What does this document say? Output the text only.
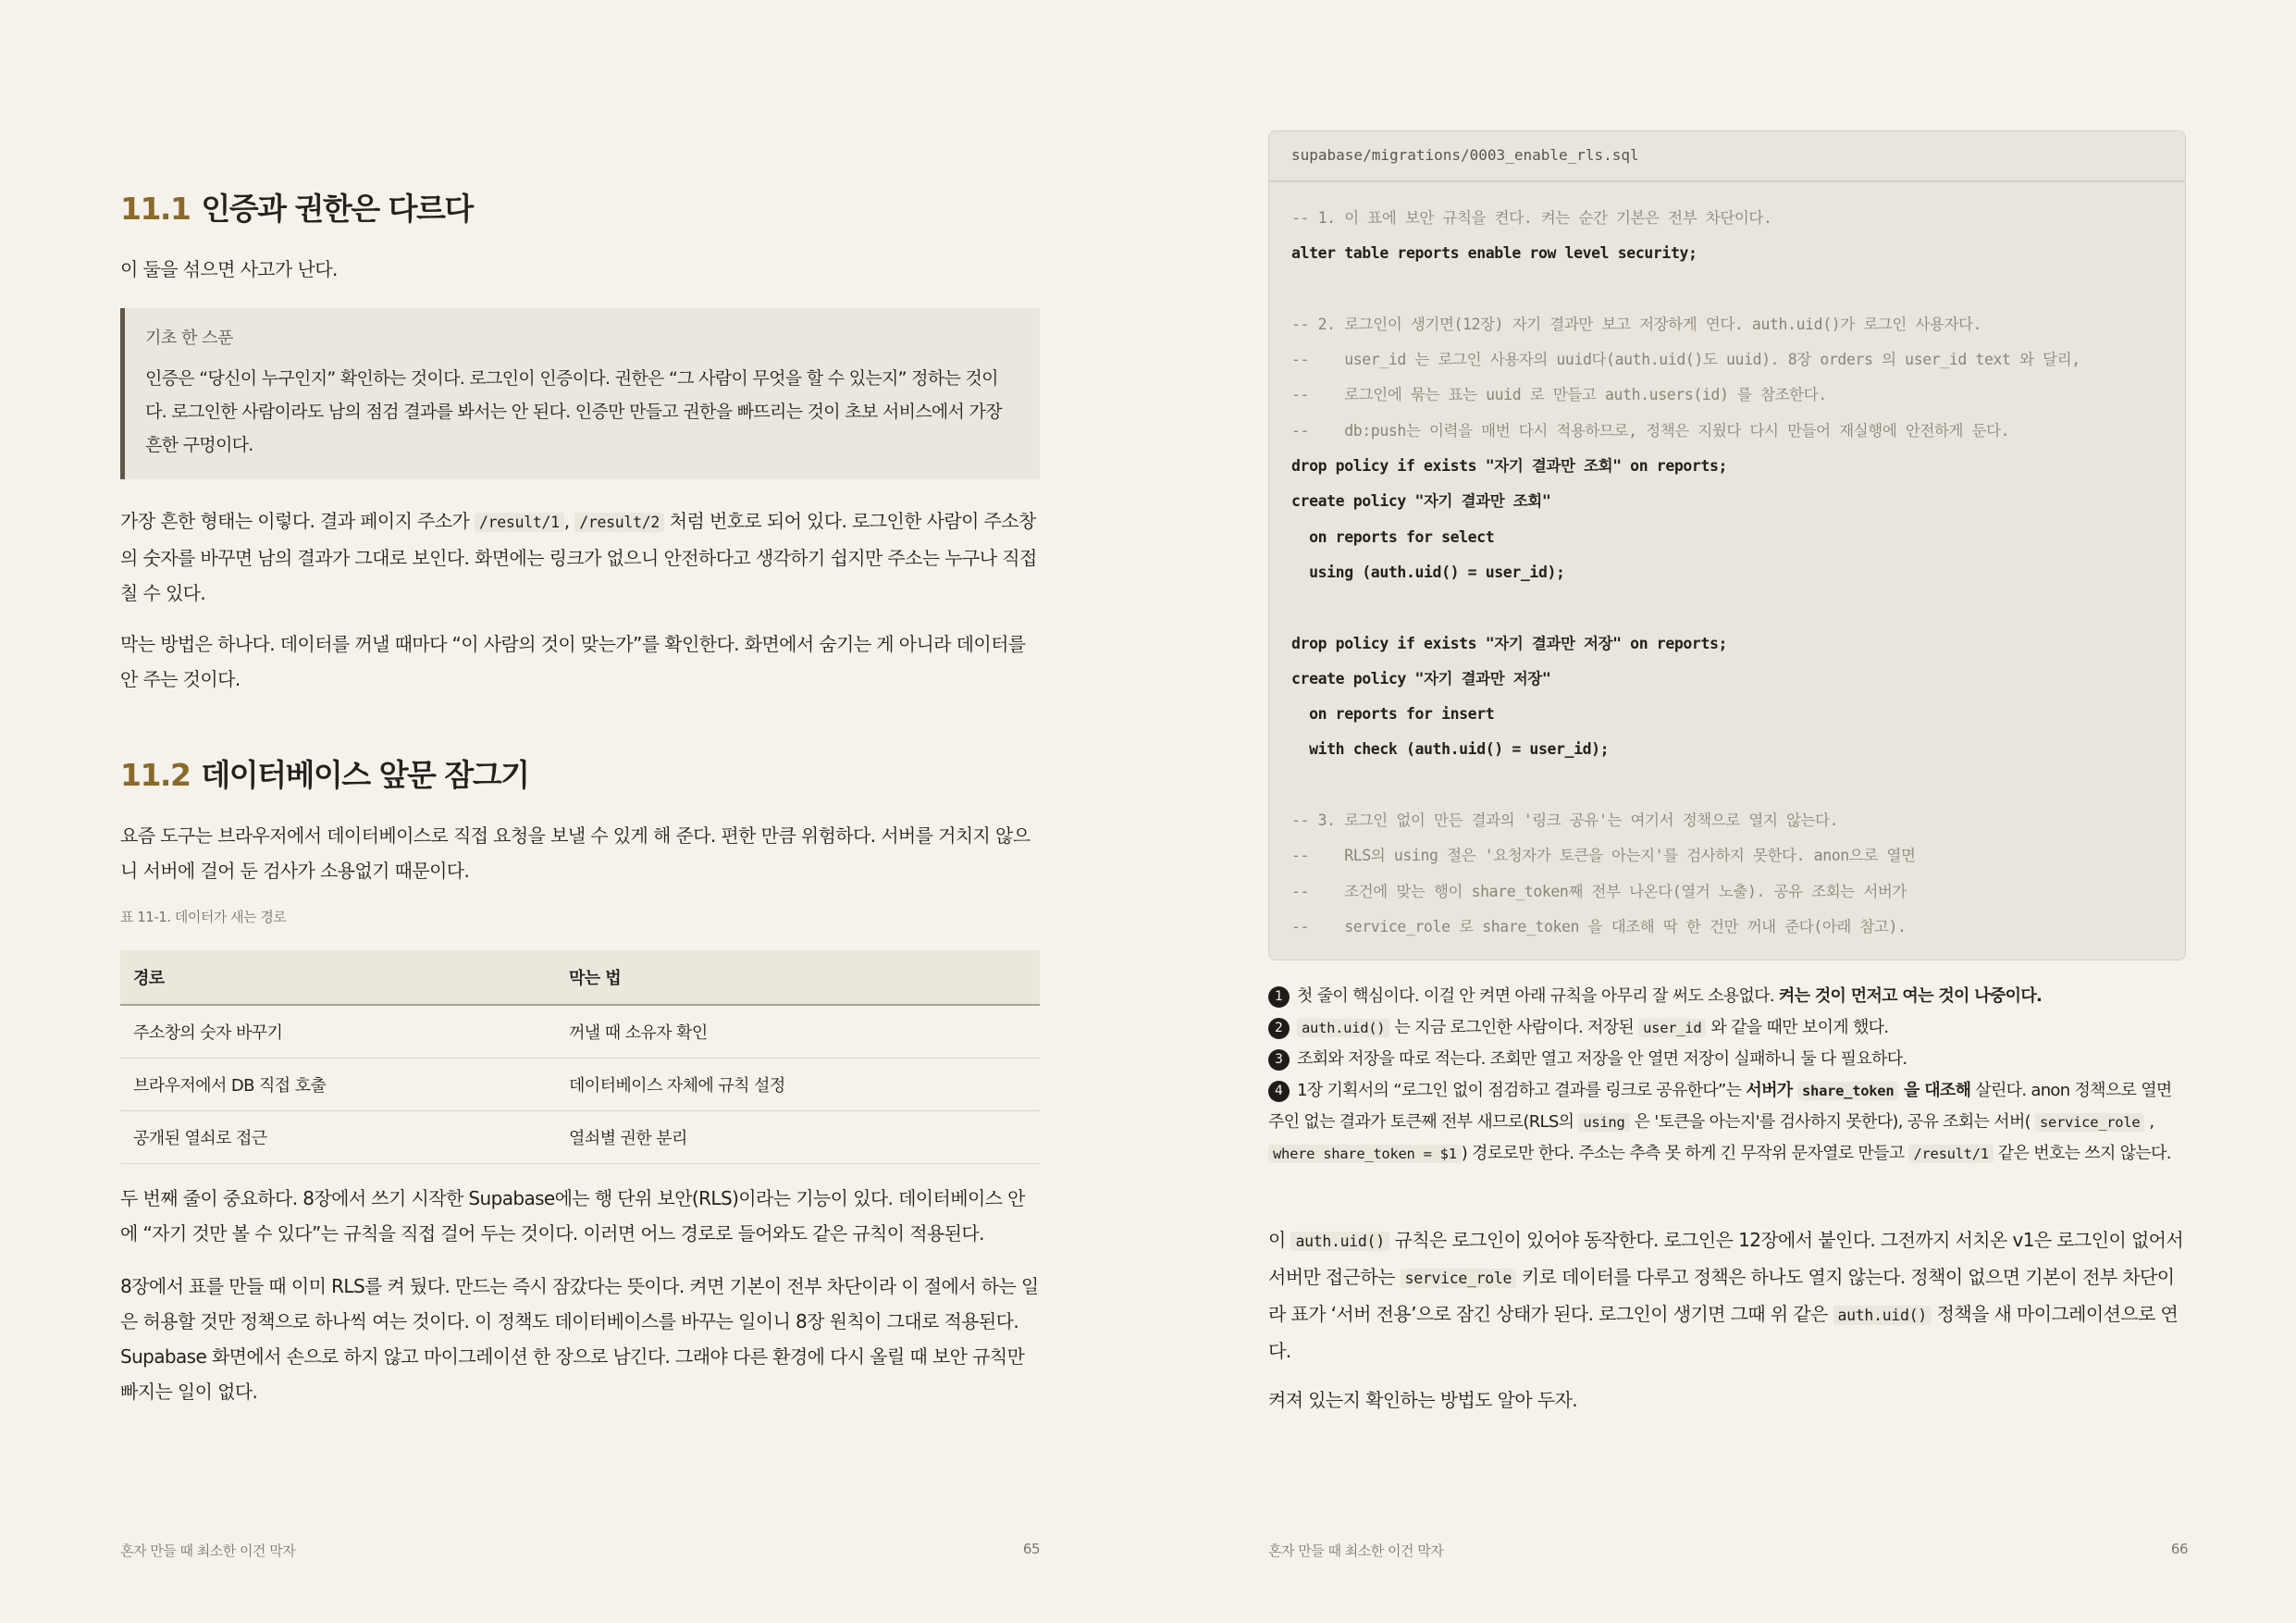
11.1 인증과 권한은 다르다

이 둘을 섞으면 사고가 난다.

기초 한 스푼

인증은 “당신이 누구인지” 확인하는 것이다. 로그인이 인증이다. 권한은 “그 사람이 무엇을 할 수 있는지” 정하는 것이다. 로그인한 사람이라도 남의 점검 결과를 봐서는 안 된다. 인증만 만들고 권한을 빠뜨리는 것이 초보 서비스에서 가장 흔한 구멍이다.

가장 흔한 형태는 이렇다. 결과 페이지 주소가 /result/1 , /result/2 처럼 번호로 되어 있다. 로그인한 사람이 주소창의 숫자를 바꾸면 남의 결과가 그대로 보인다. 화면에는 링크가 없으니 안전하다고 생각하기 쉽지만 주소는 누구나 직접 칠 수 있다.

막는 방법은 하나다. 데이터를 꺼낼 때마다 “이 사람의 것이 맞는가”를 확인한다. 화면에서 숨기는 게 아니라 데이터를 안 주는 것이다.

11.2 데이터베이스 앞문 잠그기

요즘 도구는 브라우저에서 데이터베이스로 직접 요청을 보낼 수 있게 해 준다. 편한 만큼 위험하다. 서버를 거치지 않으니 서버에 걸어 둔 검사가 소용없기 때문이다.

표 11-1. 데이터가 새는 경로
경로	막는 법
주소창의 숫자 바꾸기	꺼낼 때 소유자 확인
브라우저에서 DB 직접 호출	데이터베이스 자체에 규칙 설정
공개된 열쇠로 접근	열쇠별 권한 분리

두 번째 줄이 중요하다. 8장에서 쓰기 시작한 Supabase에는 행 단위 보안(RLS)이라는 기능이 있다. 데이터베이스 안에 “자기 것만 볼 수 있다”는 규칙을 직접 걸어 두는 것이다. 이러면 어느 경로로 들어와도 같은 규칙이 적용된다.

8장에서 표를 만들 때 이미 RLS를 켜 뒀다. 만드는 즉시 잠갔다는 뜻이다. 켜면 기본이 전부 차단이라 이 절에서 하는 일은 허용할 것만 정책으로 하나씩 여는 것이다. 이 정책도 데이터베이스를 바꾸는 일이니 8장 원칙이 그대로 적용된다. Supabase 화면에서 손으로 하지 않고 마이그레이션 한 장으로 남긴다. 그래야 다른 환경에 다시 올릴 때 보안 규칙만 빠지는 일이 없다.

혼자 만들 때 최소한 이건 막자	65
supabase/migrations/0003_enable_rls.sql
-- 1. 이 표에 보안 규칙을 켠다. 켜는 순간 기본은 전부 차단이다.
alter table reports enable row level security;
-- 2. 로그인이 생기면(12장) 자기 결과만 보고 저장하게 연다. auth.uid()가 로그인 사용자다.
--    user_id 는 로그인 사용자의 uuid다(auth.uid()도 uuid). 8장 orders 의 user_id text 와 달리,
--    로그인에 묶는 표는 uuid 로 만들고 auth.users(id) 를 참조한다.
--    db:push는 이력을 매번 다시 적용하므로, 정책은 지웠다 다시 만들어 재실행에 안전하게 둔다.
drop policy if exists "자기 결과만 조회" on reports;
create policy "자기 결과만 조회"
on reports for select
using (auth.uid() = user_id);
drop policy if exists "자기 결과만 저장" on reports;
create policy "자기 결과만 저장"
on reports for insert
with check (auth.uid() = user_id);
-- 3. 로그인 없이 만든 결과의 '링크 공유'는 여기서 정책으로 열지 않는다.
--    RLS의 using 절은 '요청자가 토큰을 아는지'를 검사하지 못한다. anon으로 열면
--    조건에 맞는 행이 share_token째 전부 나온다(열거 노출). 공유 조회는 서버가
--    service_role 로 share_token 을 대조해 딱 한 건만 꺼내 준다(아래 참고).
1 첫 줄이 핵심이다. 이걸 안 켜면 아래 규칙을 아무리 잘 써도 소용없다. 켜는 것이 먼저고 여는 것이 나중이다.
2 auth.uid() 는 지금 로그인한 사람이다. 저장된 user_id 와 같을 때만 보이게 했다.
3 조회와 저장을 따로 적는다. 조회만 열고 저장을 안 열면 저장이 실패하니 둘 다 필요하다.
4 1장 기획서의 “로그인 없이 점검하고 결과를 링크로 공유한다”는 서버가 share_token 을 대조해 살린다. anon 정책으로 열면 주인 없는 결과가 토큰째 전부 새므로(RLS의 using 은 '토큰을 아는지'를 검사하지 못한다), 공유 조회는 서버( service_role , where share_token = $1 ) 경로로만 한다. 주소는 추측 못 하게 긴 무작위 문자열로 만들고 /result/1 같은 번호는 쓰지 않는다.

이 auth.uid() 규칙은 로그인이 있어야 동작한다. 로그인은 12장에서 붙인다. 그전까지 서치온 v1은 로그인이 없어서 서버만 접근하는 service_role 키로 데이터를 다루고 정책은 하나도 열지 않는다. 정책이 없으면 기본이 전부 차단이라 표가 ‘서버 전용’으로 잠긴 상태가 된다. 로그인이 생기면 그때 위 같은 auth.uid() 정책을 새 마이그레이션으로 연다.

켜져 있는지 확인하는 방법도 알아 두자.

혼자 만들 때 최소한 이건 막자	66
